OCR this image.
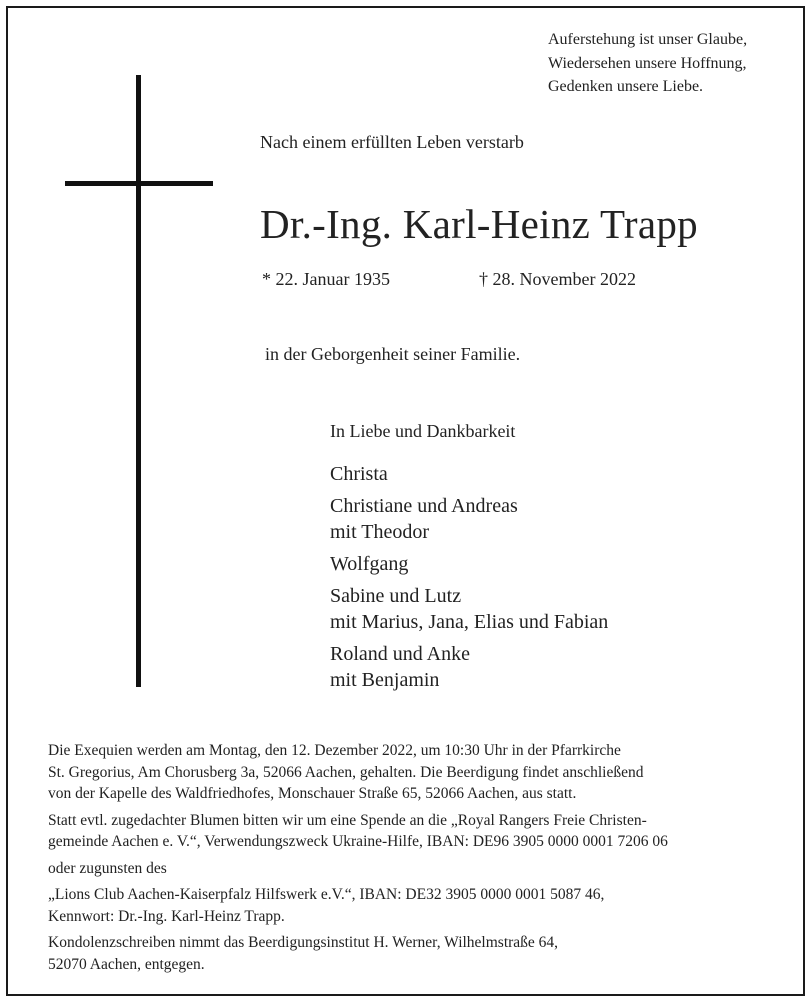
Auferstehung ist unser Glaube,
Wiedersehen unsere Hoffnung,
Gedenken unsere Liebe.
Nach einem erfüllten Leben verstarb
Dr.-Ing. Karl-Heinz Trapp
* 22. Januar 1935	† 28. November 2022
in der Geborgenheit seiner Familie.
In Liebe und Dankbarkeit
Christa
Christiane und Andreas
mit Theodor
Wolfgang
Sabine und Lutz
mit Marius, Jana, Elias und Fabian
Roland und Anke
mit Benjamin
Die Exequien werden am Montag, den 12. Dezember 2022, um 10:30 Uhr in der Pfarrkirche
St. Gregorius, Am Chorusberg 3a, 52066 Aachen, gehalten. Die Beerdigung findet anschließend
von der Kapelle des Waldfriedhofes, Monschauer Straße 65, 52066 Aachen, aus statt.
Statt evtl. zugedachter Blumen bitten wir um eine Spende an die „Royal Rangers Freie Christen-
gemeinde Aachen e. V.“, Verwendungszweck Ukraine-Hilfe, IBAN: DE96 3905 0000 0001 7206 06
oder zugunsten des
„Lions Club Aachen-Kaiserpfalz Hilfswerk e.V.“, IBAN: DE32 3905 0000 0001 5087 46,
Kennwort: Dr.-Ing. Karl-Heinz Trapp.
Kondolenzschreiben nimmt das Beerdigungsinstitut H. Werner, Wilhelmstraße 64,
52070 Aachen, entgegen.
